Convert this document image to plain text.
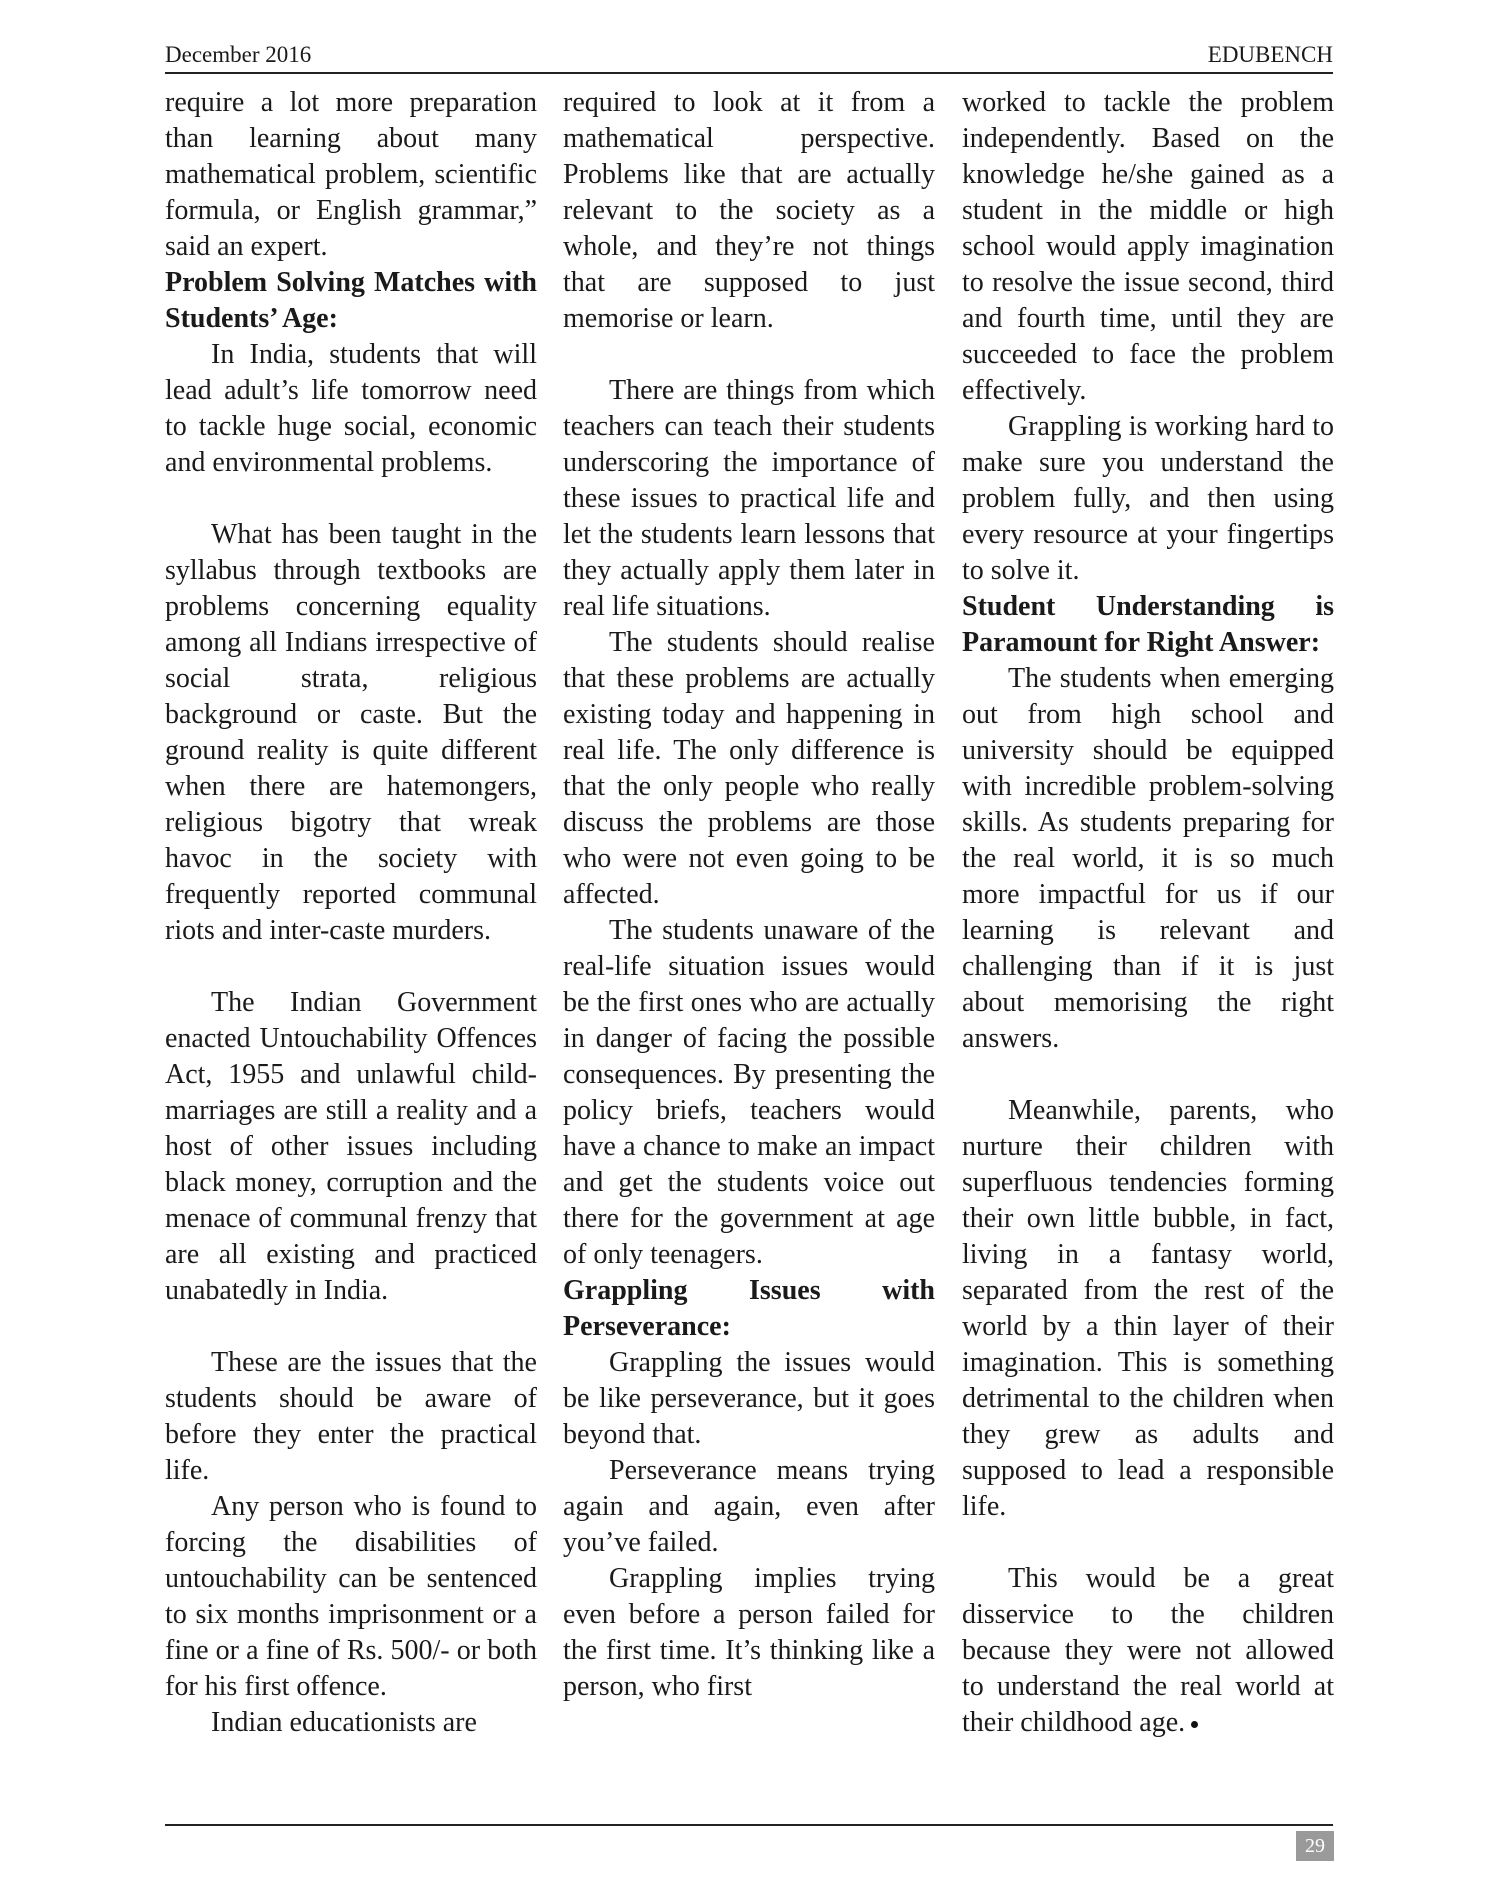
December 2016	EDUBENCH

require a lot more preparation than learning about many mathematical problem, scientific formula, or English grammar,” said an expert.

Problem Solving Matches with Students’ Age:

In India, students that will lead adult’s life tomorrow need to tackle huge social, economic and environmental problems.

What has been taught in the syllabus through textbooks are problems concerning equality among all Indians irrespective of social strata, religious background or caste. But the ground reality is quite different when there are hatemongers, religious bigotry that wreak havoc in the society with frequently reported communal riots and inter-caste murders.

The Indian Government enacted Untouchability Offences Act, 1955 and unlawful child-marriages are still a reality and a host of other issues including black money, corruption and the menace of communal frenzy that are all existing and practiced unabatedly in India.

These are the issues that the students should be aware of before they enter the practical life.

Any person who is found to forcing the disabilities of untouchability can be sentenced to six months imprisonment or a fine or a fine of Rs. 500/- or both for his first offence.

Indian educationists are

required to look at it from a mathematical perspective. Problems like that are actually relevant to the society as a whole, and they’re not things that are supposed to just memorise or learn.

There are things from which teachers can teach their students underscoring the importance of these issues to practical life and let the students learn lessons that they actually apply them later in real life situations.

The students should realise that these problems are actually existing today and happening in real life. The only difference is that the only people who really discuss the problems are those who were not even going to be affected.

The students unaware of the real-life situation issues would be the first ones who are actually in danger of facing the possible consequences. By presenting the policy briefs, teachers would have a chance to make an impact and get the students voice out there for the government at age of only teenagers.

Grappling Issues with Perseverance:

Grappling the issues would be like perseverance, but it goes beyond that.

Perseverance means trying again and again, even after you’ve failed.

Grappling implies trying even before a person failed for the first time. It’s thinking like a person, who first

worked to tackle the problem independently. Based on the knowledge he/she gained as a student in the middle or high school would apply imagination to resolve the issue second, third and fourth time, until they are succeeded to face the problem effectively.

Grappling is working hard to make sure you understand the problem fully, and then using every resource at your fingertips to solve it.

Student Understanding is Paramount for Right Answer:

The students when emerging out from high school and university should be equipped with incredible problem-solving skills. As students preparing for the real world, it is so much more impactful for us if our learning is relevant and challenging than if it is just about memorising the right answers.

Meanwhile, parents, who nurture their children with superfluous tendencies forming their own little bubble, in fact, living in a fantasy world, separated from the rest of the world by a thin layer of their imagination. This is something detrimental to the children when they grew as adults and supposed to lead a responsible life.

This would be a great disservice to the children because they were not allowed to understand the real world at their childhood age.

29
